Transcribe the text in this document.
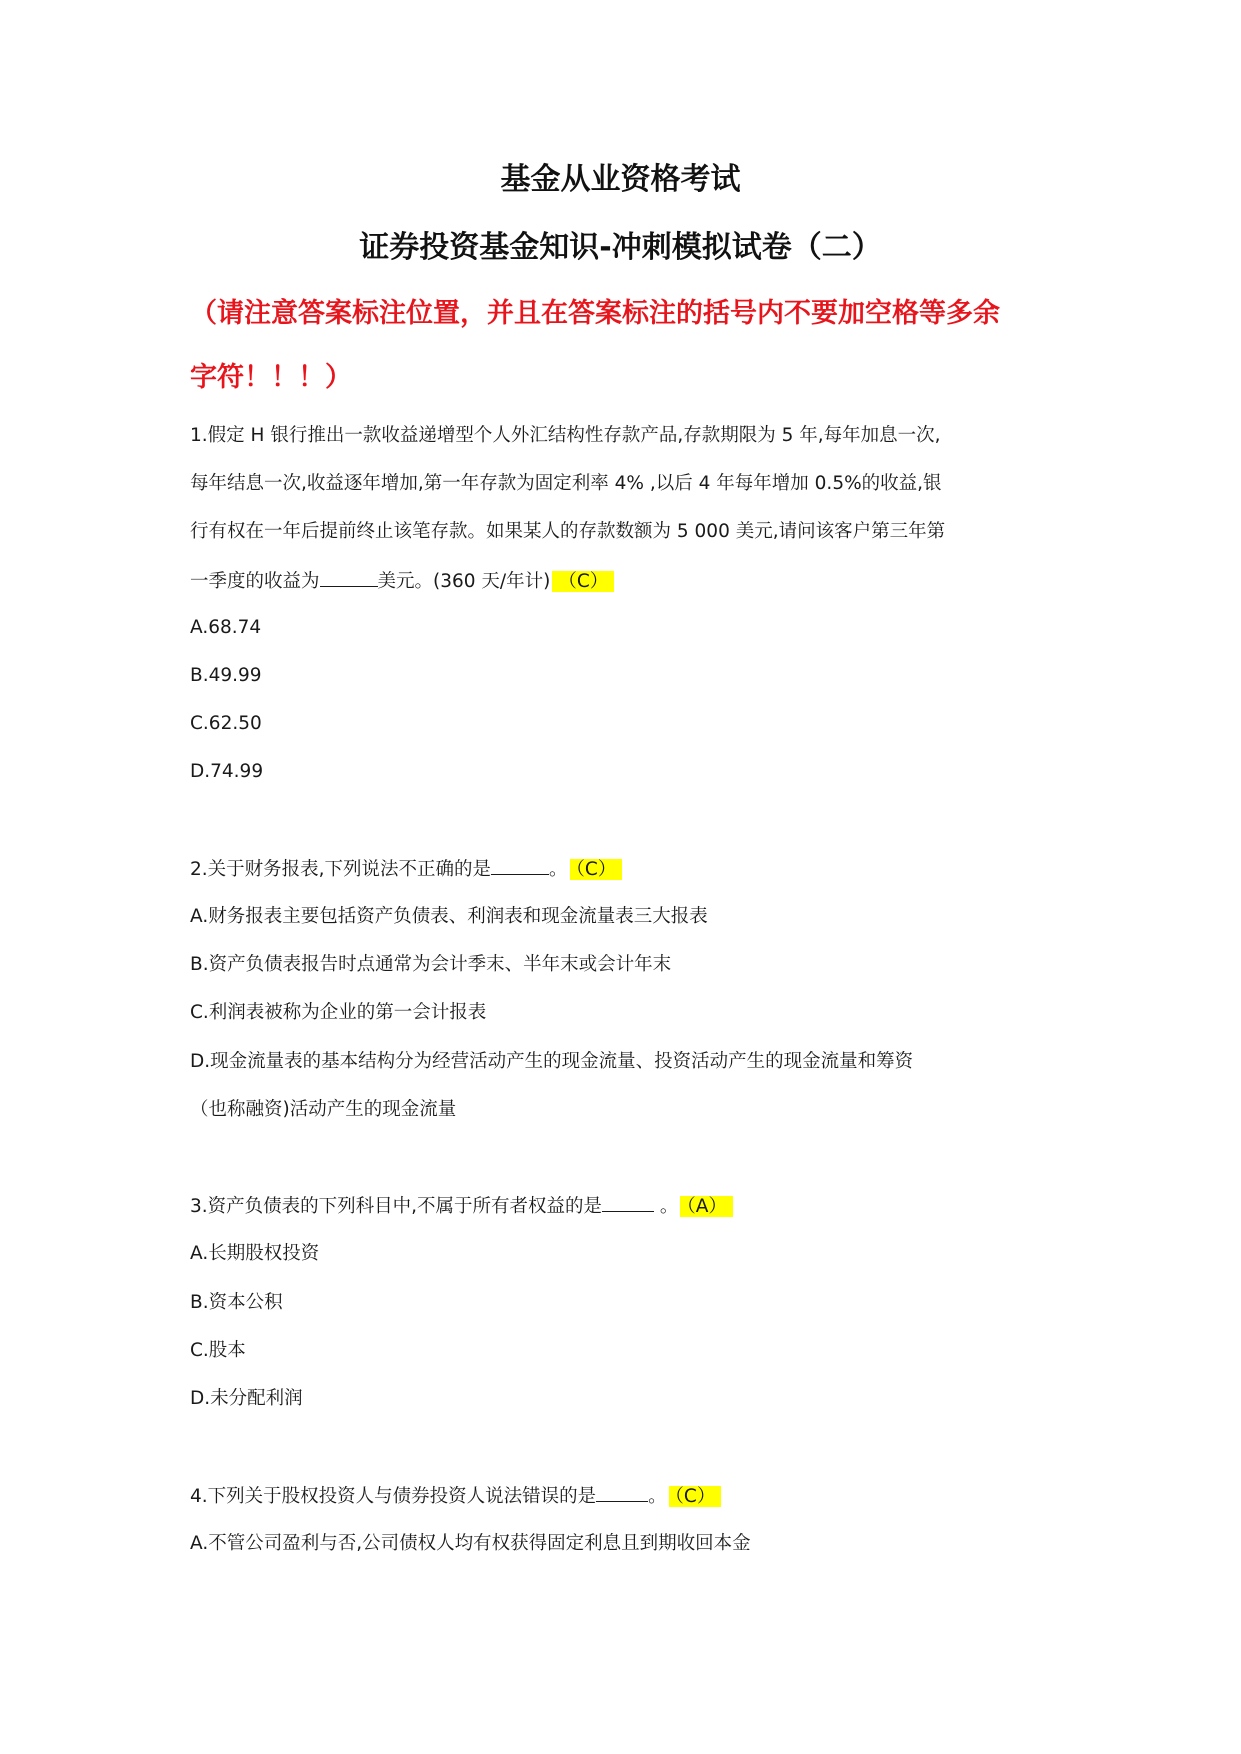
基金从业资格考试
证券投资基金知识-冲刺模拟试卷（二）
（请注意答案标注位置，并且在答案标注的括号内不要加空格等多余
字符！！！）
1.假定 H 银行推出一款收益递增型个人外汇结构性存款产品,存款期限为 5 年,每年加息一次,
每年结息一次,收益逐年增加,第一年存款为固定利率 4% ,以后 4 年每年增加 0.5%的收益,银
行有权在一年后提前终止该笔存款。如果某人的存款数额为 5 000 美元,请问该客户第三年第
一季度的收益为	美元。(360 天/年计) （C）
A.68.74
B.49.99
C.62.50
D.74.99
2.关于财务报表,下列说法不正确的是	。 （C）
A.财务报表主要包括资产负债表、利润表和现金流量表三大报表
B.资产负债表报告时点通常为会计季末、半年末或会计年末
C.利润表被称为企业的第一会计报表
D.现金流量表的基本结构分为经营活动产生的现金流量、投资活动产生的现金流量和筹资
（也称融资)活动产生的现金流量
3.资产负债表的下列科目中,不属于所有者权益的是	。 （A）
A.长期股权投资
B.资本公积
C.股本
D.未分配利润
4.下列关于股权投资人与债券投资人说法错误的是	。 （C）
A.不管公司盈利与否,公司债权人均有权获得固定利息且到期收回本金
